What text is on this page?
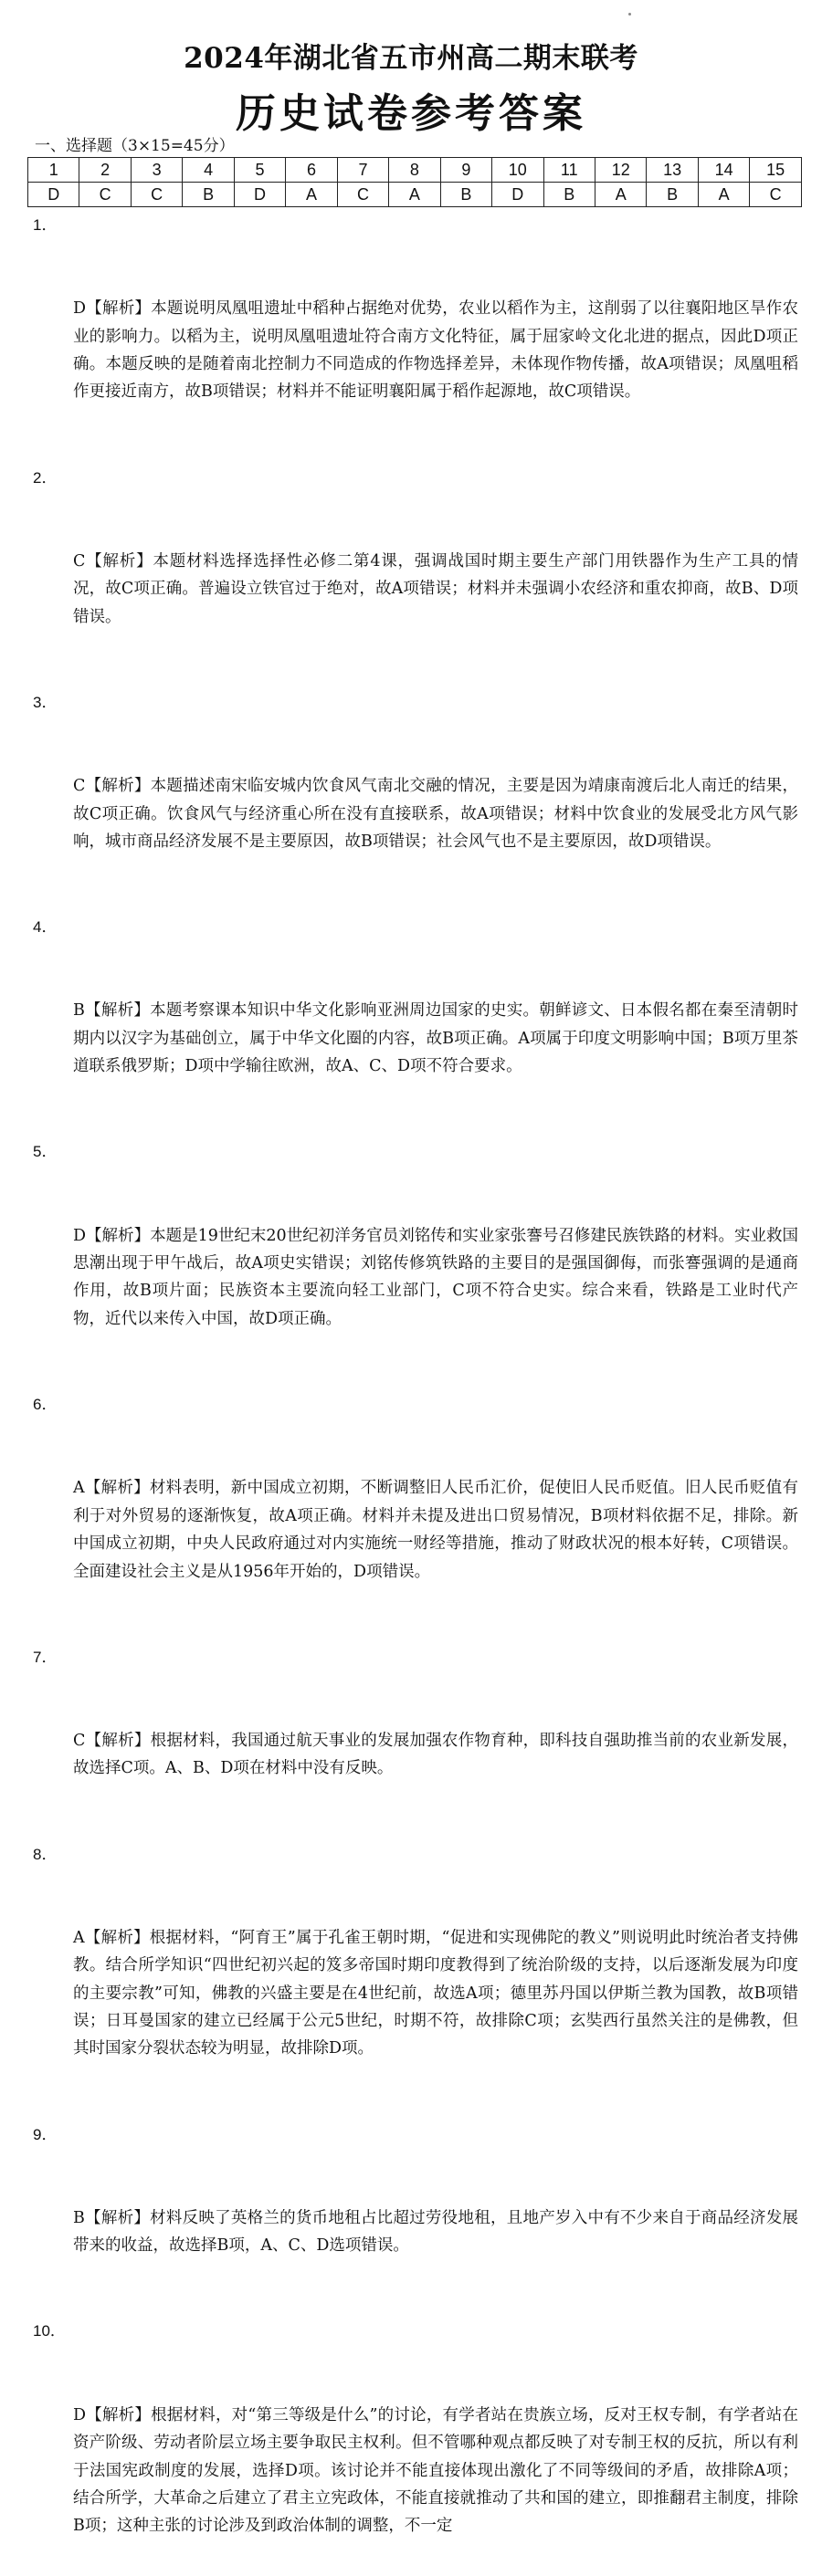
2024年湖北省五市州高二期末联考
历史试卷参考答案
一、选择题（3×15=45分）
1	2	3	4	5	6	7	8	9	10	11	12	13	14	15
D	C	C	B	D	A	C	A	B	D	B	A	B	A	C

1．

D【解析】本题说明凤凰咀遗址中稻种占据绝对优势，农业以稻作为主，这削弱了以往襄阳地区旱作农业的影响力。以稻为主，说明凤凰咀遗址符合南方文化特征，属于屈家岭文化北进的据点，因此D项正确。本题反映的是随着南北控制力不同造成的作物选择差异，未体现作物传播，故A项错误；凤凰咀稻作更接近南方，故B项错误；材料并不能证明襄阳属于稻作起源地，故C项错误。

2．

C【解析】本题材料选择选择性必修二第4课，强调战国时期主要生产部门用铁器作为生产工具的情况，故C项正确。普遍设立铁官过于绝对，故A项错误；材料并未强调小农经济和重农抑商，故B、D项错误。

3．

C【解析】本题描述南宋临安城内饮食风气南北交融的情况，主要是因为靖康南渡后北人南迁的结果，故C项正确。饮食风气与经济重心所在没有直接联系，故A项错误；材料中饮食业的发展受北方风气影响，城市商品经济发展不是主要原因，故B项错误；社会风气也不是主要原因，故D项错误。

4．

B【解析】本题考察课本知识中华文化影响亚洲周边国家的史实。朝鲜谚文、日本假名都在秦至清朝时期内以汉字为基础创立，属于中华文化圈的内容，故B项正确。A项属于印度文明影响中国；B项万里茶道联系俄罗斯；D项中学输往欧洲，故A、C、D项不符合要求。

5．

D【解析】本题是19世纪末20世纪初洋务官员刘铭传和实业家张謇号召修建民族铁路的材料。实业救国思潮出现于甲午战后，故A项史实错误；刘铭传修筑铁路的主要目的是强国御侮，而张謇强调的是通商作用，故B项片面；民族资本主要流向轻工业部门，C项不符合史实。综合来看，铁路是工业时代产物，近代以来传入中国，故D项正确。

6．

A【解析】材料表明，新中国成立初期，不断调整旧人民币汇价，促使旧人民币贬值。旧人民币贬值有利于对外贸易的逐渐恢复，故A项正确。材料并未提及进出口贸易情况，B项材料依据不足，排除。新中国成立初期，中央人民政府通过对内实施统一财经等措施，推动了财政状况的根本好转，C项错误。全面建设社会主义是从1956年开始的，D项错误。

7．

C【解析】根据材料，我国通过航天事业的发展加强农作物育种，即科技自强助推当前的农业新发展，故选择C项。A、B、D项在材料中没有反映。

8．

A【解析】根据材料，“阿育王”属于孔雀王朝时期，“促进和实现佛陀的教义”则说明此时统治者支持佛教。结合所学知识“四世纪初兴起的笈多帝国时期印度教得到了统治阶级的支持，以后逐渐发展为印度的主要宗教”可知，佛教的兴盛主要是在4世纪前，故选A项；德里苏丹国以伊斯兰教为国教，故B项错误；日耳曼国家的建立已经属于公元5世纪，时期不符，故排除C项；玄奘西行虽然关注的是佛教，但其时国家分裂状态较为明显，故排除D项。

9．

B【解析】材料反映了英格兰的货币地租占比超过劳役地租，且地产岁入中有不少来自于商品经济发展带来的收益，故选择B项，A、C、D选项错误。

10．

D【解析】根据材料，对“第三等级是什么”的讨论，有学者站在贵族立场，反对王权专制，有学者站在资产阶级、劳动者阶层立场主要争取民主权利。但不管哪种观点都反映了对专制王权的反抗，所以有利于法国宪政制度的发展，选择D项。该讨论并不能直接体现出激化了不同等级间的矛盾，故排除A项；结合所学，大革命之后建立了君主立宪政体，不能直接就推动了共和国的建立，即推翻君主制度，排除B项；这种主张的讨论涉及到政治体制的调整，不一定
